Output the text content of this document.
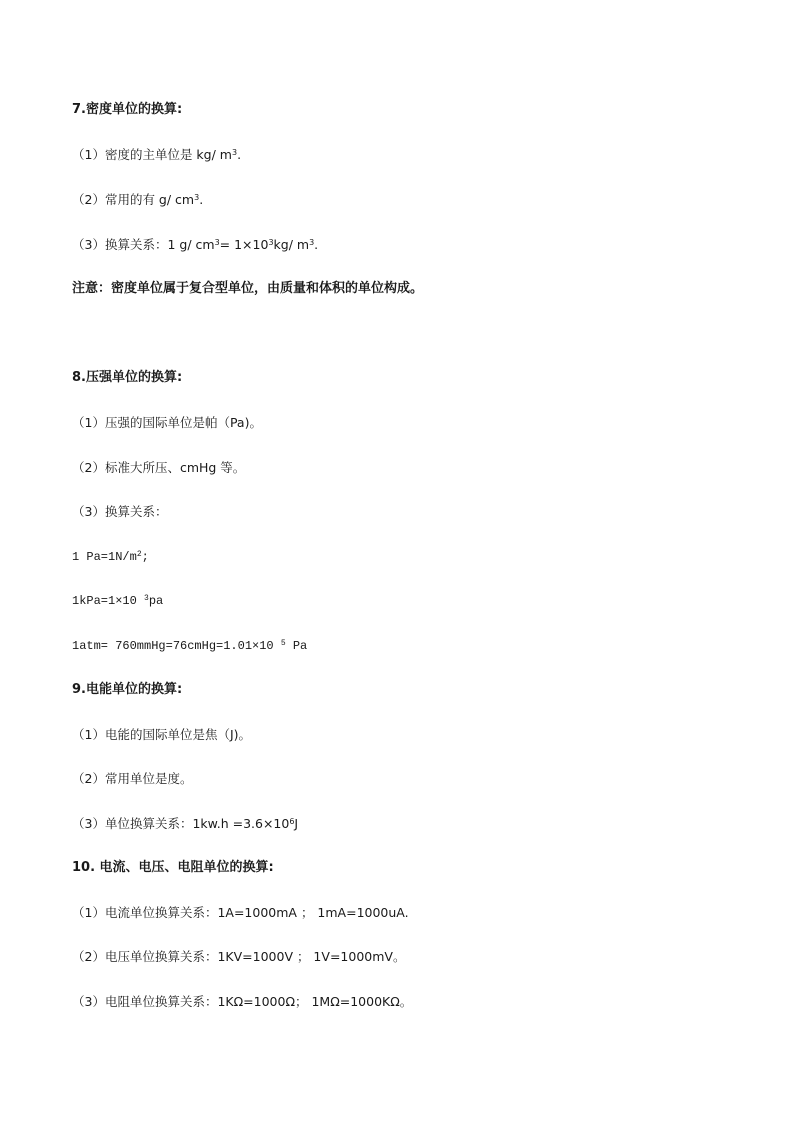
7.密度单位的换算:
（1）密度的主单位是 kg/ $m^3$.
（2）常用的有 g/ $cm^3$.
（3）换算关系：1 g/ $cm^3= 1\times 10^3kg/$ $m^3$.
注意：密度单位属于复合型单位，由质量和体积的单位构成。
8.压强单位的换算:
（1）压强的国际单位是帕（Pa)。
（2）标准大所压、cmHg 等。
（3）换算关系：
1 $Pa=1N/m^2$;
1kPa=1×10 $^3$pa
1atm= 760mmHg=76cmHg=1.01×10 $^5$ Pa
9.电能单位的换算:
（1）电能的国际单位是焦（J)。
（2）常用单位是度。
（3）单位换算关系：$1kw.h =3.6\times 10^6J$
10. 电流、电压、电阻单位的换算:
（1）电流单位换算关系：1A=1000mA ； 1mA=1000uA.
（2）电压单位换算关系：1KV=1000V ； 1V=1000mV。
（3）电阻单位换算关系：1KΩ=1000Ω； 1MΩ=1000KΩ。
